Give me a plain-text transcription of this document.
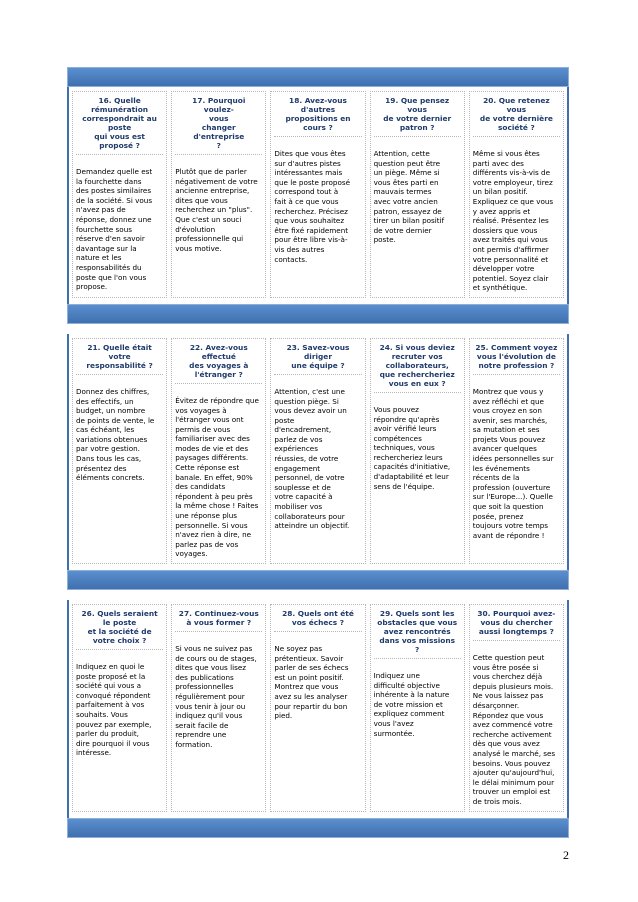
16. Quelle
rémunération
correspondrait au
poste
qui vous est
proposé ?
Demandez quelle est
la fourchette dans
des postes similaires
de la société. Si vous
n'avez pas de
réponse, donnez une
fourchette sous
réserve d'en savoir
davantage sur la
nature et les
responsabilités du
poste que l'on vous
propose.
17. Pourquoi voulez-
vous
changer d'entreprise
?
Plutôt que de parler
négativement de votre
ancienne entreprise,
dites que vous
recherchez un "plus".
Que c'est un souci
d'évolution
professionnelle qui
vous motive.
18. Avez-vous
d'autres
propositions en
cours ?
Dites que vous êtes
sur d'autres pistes
intéressantes mais
que le poste proposé
correspond tout à
fait à ce que vous
recherchez. Précisez
que vous souhaitez
être fixé rapidement
pour être libre vis-à-
vis des autres
contacts.
19. Que pensez
vous
de votre dernier
patron ?
Attention, cette
question peut être
un piège. Même si
vous êtes parti en
mauvais termes
avec votre ancien
patron, essayez de
tirer un bilan positif
de votre dernier
poste.
20. Que retenez
vous
de votre dernière
société ?
Même si vous êtes
parti avec des
différents vis-à-vis de
votre employeur, tirez
un bilan positif.
Expliquez ce que vous
y avez appris et
réalisé. Présentez les
dossiers que vous
avez traités qui vous
ont permis d'affirmer
votre personnalité et
développer votre
potentiel. Soyez clair
et synthétique.
21. Quelle était
votre
responsabilité ?
Donnez des chiffres,
des effectifs, un
budget, un nombre
de points de vente, le
cas échéant, les
variations obtenues
par votre gestion.
Dans tous les cas,
présentez des
éléments concrets.
22. Avez-vous
effectué
des voyages à
l'étranger ?
Évitez de répondre que
vos voyages à
l'étranger vous ont
permis de vous
familiariser avec des
modes de vie et des
paysages différents.
Cette réponse est
banale. En effet, 90%
des candidats
répondent à peu près
la même chose ! Faites
une réponse plus
personnelle. Si vous
n'avez rien à dire, ne
parlez pas de vos
voyages.
23. Savez-vous
diriger
une équipe ?
Attention, c'est une
question piège. Si
vous devez avoir un
poste
d'encadrement,
parlez de vos
expériences
réussies, de votre
engagement
personnel, de votre
souplesse et de
votre capacité à
mobiliser vos
collaborateurs pour
atteindre un objectif.
24. Si vous deviez
recruter vos
collaborateurs,
que rechercheriez
vous en eux ?
Vous pouvez
répondre qu'après
avoir vérifié leurs
compétences
techniques, vous
rechercheriez leurs
capacités d'initiative,
d'adaptabilité et leur
sens de l'équipe.
25. Comment voyez
vous l'évolution de
notre profession ?
Montrez que vous y
avez réfléchi et que
vous croyez en son
avenir, ses marchés,
sa mutation et ses
projets Vous pouvez
avancer quelques
idées personnelles sur
les événements
récents de la
profession (ouverture
sur l'Europe...). Quelle
que soit la question
posée, prenez
toujours votre temps
avant de répondre !
26. Quels seraient
le poste
et la société de
votre choix ?
Indiquez en quoi le
poste proposé et la
société qui vous a
convoqué répondent
parfaitement à vos
souhaits. Vous
pouvez par exemple,
parler du produit,
dire pourquoi il vous
intéresse.
27. Continuez-vous
à vous former ?
Si vous ne suivez pas
de cours ou de stages,
dites que vous lisez
des publications
professionnelles
régulièrement pour
vous tenir à jour ou
indiquez qu'il vous
serait facile de
reprendre une
formation.
28. Quels ont été
vos échecs ?
Ne soyez pas
prétentieux. Savoir
parler de ses échecs
est un point positif.
Montrez que vous
avez su les analyser
pour repartir du bon
pied.
29. Quels sont les
obstacles que vous
avez rencontrés
dans vos missions
?
Indiquez une
difficulté objective
inhérente à la nature
de votre mission et
expliquez comment
vous l'avez
surmontée.
30. Pourquoi avez-
vous du chercher
aussi longtemps ?
Cette question peut
vous être posée si
vous cherchez déjà
depuis plusieurs mois.
Ne vous laissez pas
désarçonner.
Répondez que vous
avez commencé votre
recherche activement
dès que vous avez
analysé le marché, ses
besoins. Vous pouvez
ajouter qu'aujourd'hui,
le délai minimum pour
trouver un emploi est
de trois mois.
2
